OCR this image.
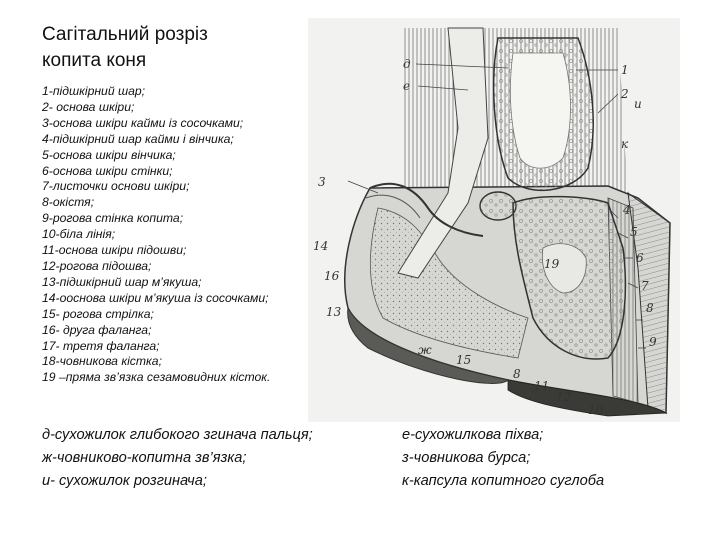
Сагітальний розріз
копита коня
1-підшкірний шар;
2- основа шкіри;
3-основа шкіри кайми із сосочками;
4-підшкірний шар кайми і вінчика;
5-основа шкіри вінчика;
6-основа шкіри стінки;
7-листочки основи шкіри;
8-окістя;
9-рогова стінка копита;
10-біла лінія;
11-основа шкіри підошви;
12-рогова підошва;
13-підшкірний шар м’якуша;
14-ооснова шкіри м’якуша із сосочками;
15- рогова стрілка;
16- друга фаланга;
17- третя фаланга;
18-човникова кістка;
19 –пряма зв’язка сезамовидних кісток.
д-сухожилок глибокого згинача пальця;
ж-човниково-копитна зв’язка;
и- сухожилок розгинача;
е-сухожилкова піхва;
з-човникова бурса;
к-капсула копитного суглоба
д
е
1
2
и
к
3
4
5
6
7
8
9
10
11
12
13
14
16
15
ж
8
19
